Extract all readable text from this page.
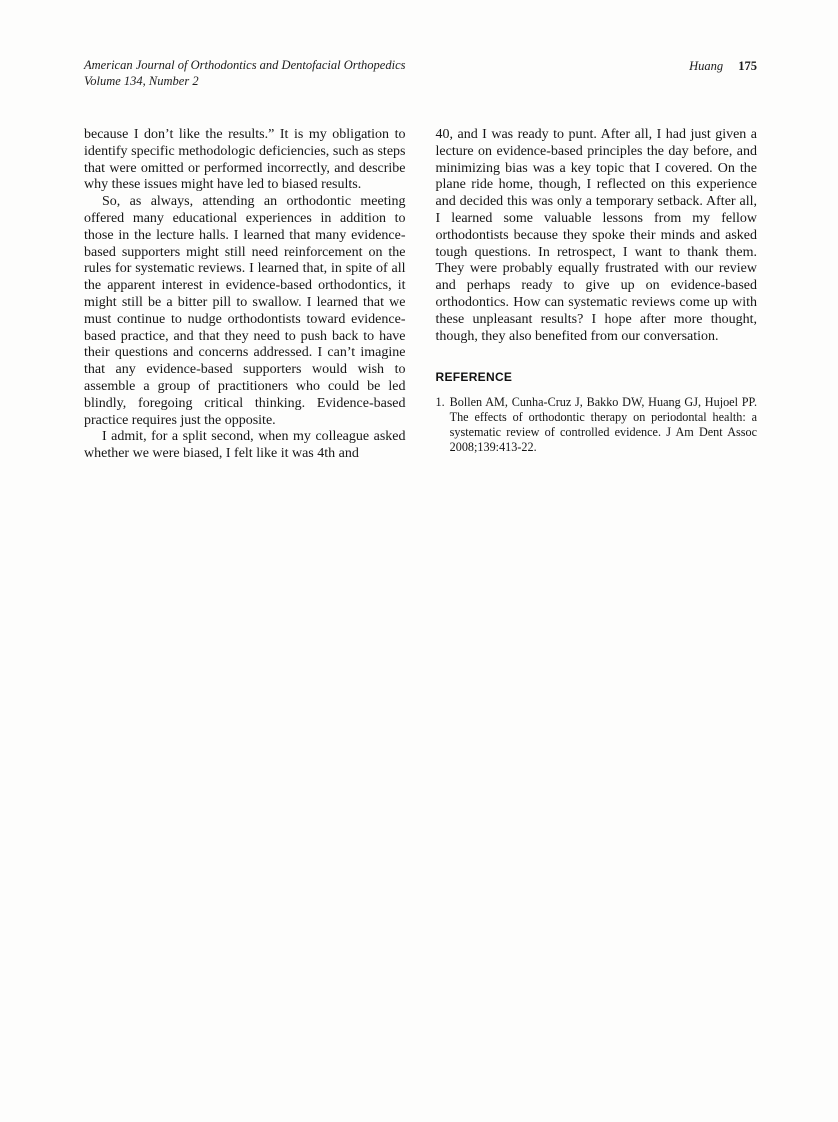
American Journal of Orthodontics and Dentofacial Orthopedics
Volume 134, Number 2
Huang 175

because I don’t like the results.” It is my obligation to identify specific methodologic deficiencies, such as steps that were omitted or performed incorrectly, and describe why these issues might have led to biased results.

So, as always, attending an orthodontic meeting offered many educational experiences in addition to those in the lecture halls. I learned that many evidence-based supporters might still need reinforcement on the rules for systematic reviews. I learned that, in spite of all the apparent interest in evidence-based orthodontics, it might still be a bitter pill to swallow. I learned that we must continue to nudge orthodontists toward evidence-based practice, and that they need to push back to have their questions and concerns addressed. I can’t imagine that any evidence-based supporters would wish to assemble a group of practitioners who could be led blindly, foregoing critical thinking. Evidence-based practice requires just the opposite.

I admit, for a split second, when my colleague asked whether we were biased, I felt like it was 4th and

40, and I was ready to punt. After all, I had just given a lecture on evidence-based principles the day before, and minimizing bias was a key topic that I covered. On the plane ride home, though, I reflected on this experience and decided this was only a temporary setback. After all, I learned some valuable lessons from my fellow orthodontists because they spoke their minds and asked tough questions. In retrospect, I want to thank them. They were probably equally frustrated with our review and perhaps ready to give up on evidence-based orthodontics. How can systematic reviews come up with these unpleasant results? I hope after more thought, though, they also benefited from our conversation.

REFERENCE
1. Bollen AM, Cunha-Cruz J, Bakko DW, Huang GJ, Hujoel PP. The effects of orthodontic therapy on periodontal health: a systematic review of controlled evidence. J Am Dent Assoc 2008;139:413-22.
